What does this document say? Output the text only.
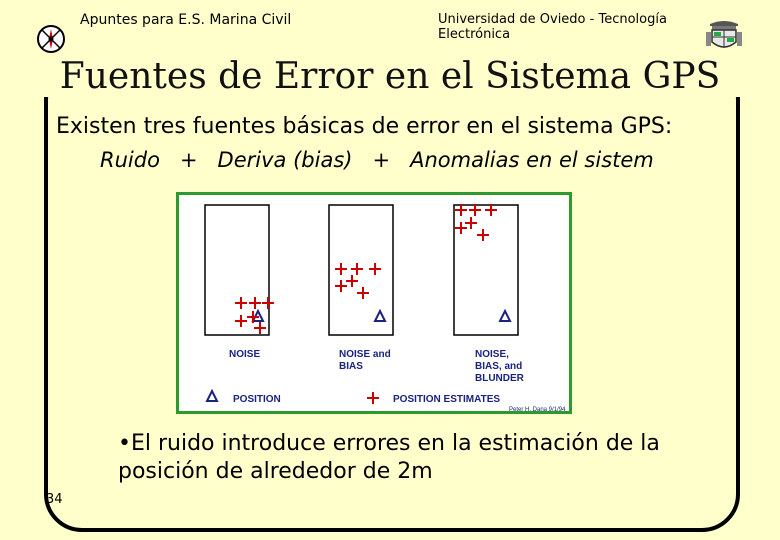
Apuntes para E.S. Marina Civil	Universidad de Oviedo - Tecnología Electrónica
Fuentes de Error en el Sistema GPS
Existen tres fuentes básicas de error en el sistema GPS:
Ruido   +   Deriva (bias)   +   Anomalias en el sistem
NOISE	NOISE and
BIAS
NOISE,
BIAS, and
BLUNDER
POSITION	POSITION ESTIMATES
Peter H. Dana 9/1/94
•El ruido introduce errores en la estimación de la posición de alrededor de 2m
34
